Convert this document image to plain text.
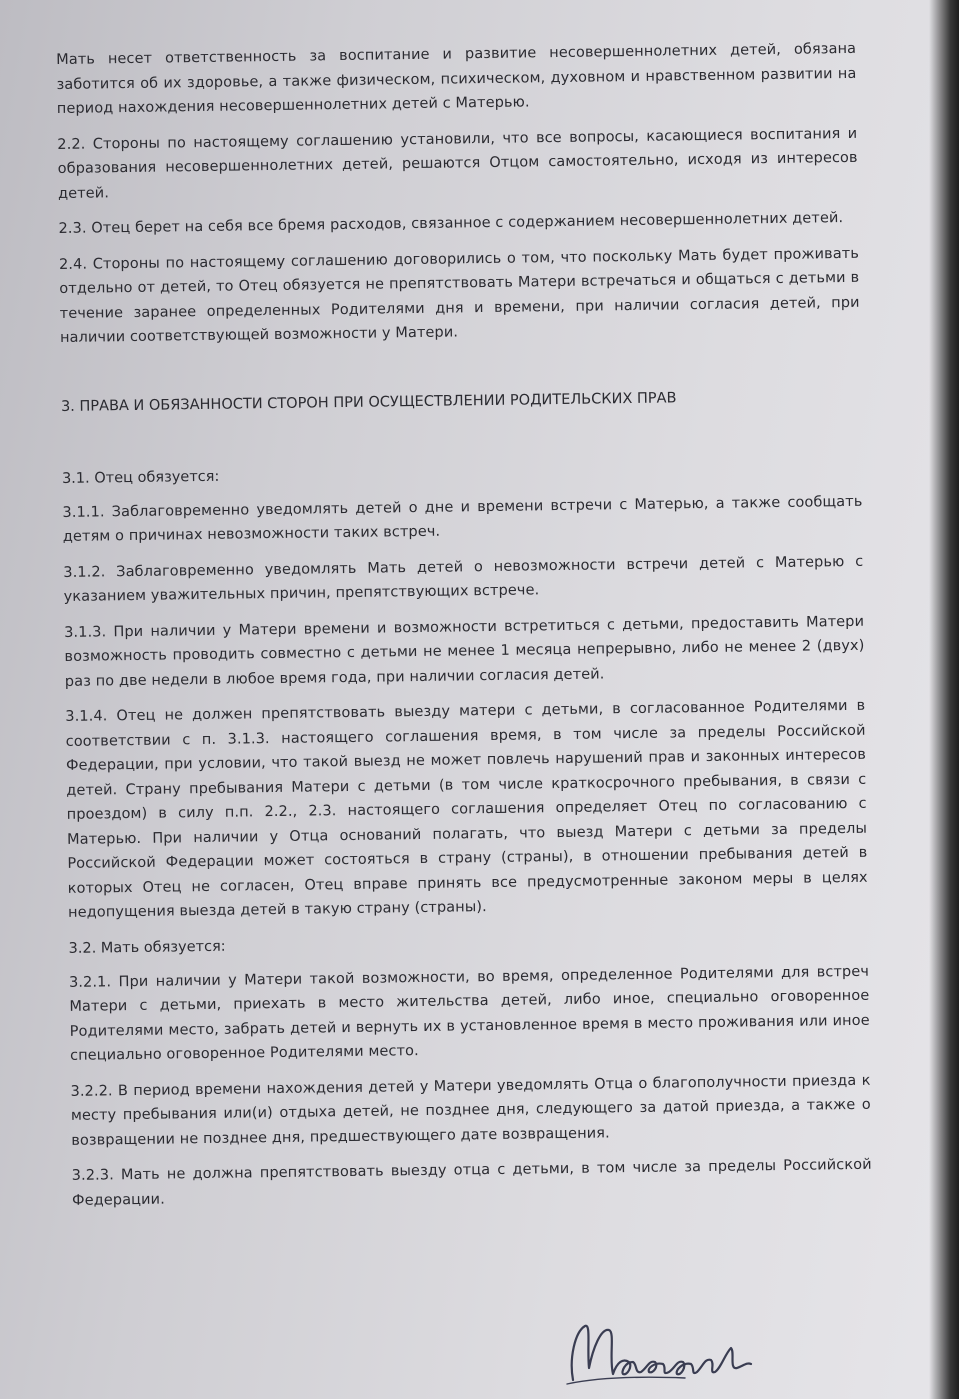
Мать несет ответственность за воспитание и развитие несовершеннолетних детей, обязана заботится об их здоровье, а также физическом, психическом, духовном и нравственном развитии на период нахождения несовершеннолетних детей с Матерью.

2.2. Стороны по настоящему соглашению установили, что все вопросы, касающиеся воспитания и образования несовершеннолетних детей, решаются Отцом самостоятельно, исходя из интересов детей.

2.3. Отец берет на себя все бремя расходов, связанное с содержанием несовершеннолетних детей.

2.4. Стороны по настоящему соглашению договорились о том, что поскольку Мать будет проживать отдельно от детей, то Отец обязуется не препятствовать Матери встречаться и общаться с детьми в течение заранее определенных Родителями дня и времени, при наличии согласия детей, при наличии соответствующей возможности у Матери.

3. ПРАВА И ОБЯЗАННОСТИ СТОРОН ПРИ ОСУЩЕСТВЛЕНИИ РОДИТЕЛЬСКИХ ПРАВ
3.1. Отец обязуется:

3.1.1. Заблаговременно уведомлять детей о дне и времени встречи с Матерью, а также сообщать детям о причинах невозможности таких встреч.

3.1.2. Заблаговременно уведомлять Мать детей о невозможности встречи детей с Матерью с указанием уважительных причин, препятствующих встрече.

3.1.3. При наличии у Матери времени и возможности встретиться с детьми, предоставить Матери возможность проводить совместно с детьми не менее 1 месяца непрерывно, либо не менее 2 (двух) раз по две недели в любое время года, при наличии согласия детей.

3.1.4. Отец не должен препятствовать выезду матери с детьми, в согласованное Родителями в соответствии с п. 3.1.3. настоящего соглашения время, в том числе за пределы Российской Федерации, при условии, что такой выезд не может повлечь нарушений прав и законных интересов детей. Страну пребывания Матери с детьми (в том числе краткосрочного пребывания, в связи с проездом) в силу п.п. 2.2., 2.3. настоящего соглашения определяет Отец по согласованию с Матерью. При наличии у Отца оснований полагать, что выезд Матери с детьми за пределы Российской Федерации может состояться в страну (страны), в отношении пребывания детей в которых Отец не согласен, Отец вправе принять все предусмотренные законом меры в целях недопущения выезда детей в такую страну (страны).

3.2. Мать обязуется:

3.2.1. При наличии у Матери такой возможности, во время, определенное Родителями для встреч Матери с детьми, приехать в место жительства детей, либо иное, специально оговоренное Родителями место, забрать детей и вернуть их в установленное время в место проживания или иное специально оговоренное Родителями место.

3.2.2. В период времени нахождения детей у Матери уведомлять Отца о благополучности приезда к месту пребывания или(и) отдыха детей, не позднее дня, следующего за датой приезда, а также о возвращении не позднее дня, предшествующего дате возвращения.

3.2.3. Мать не должна препятствовать выезду отца с детьми, в том числе за пределы Российской Федерации.
